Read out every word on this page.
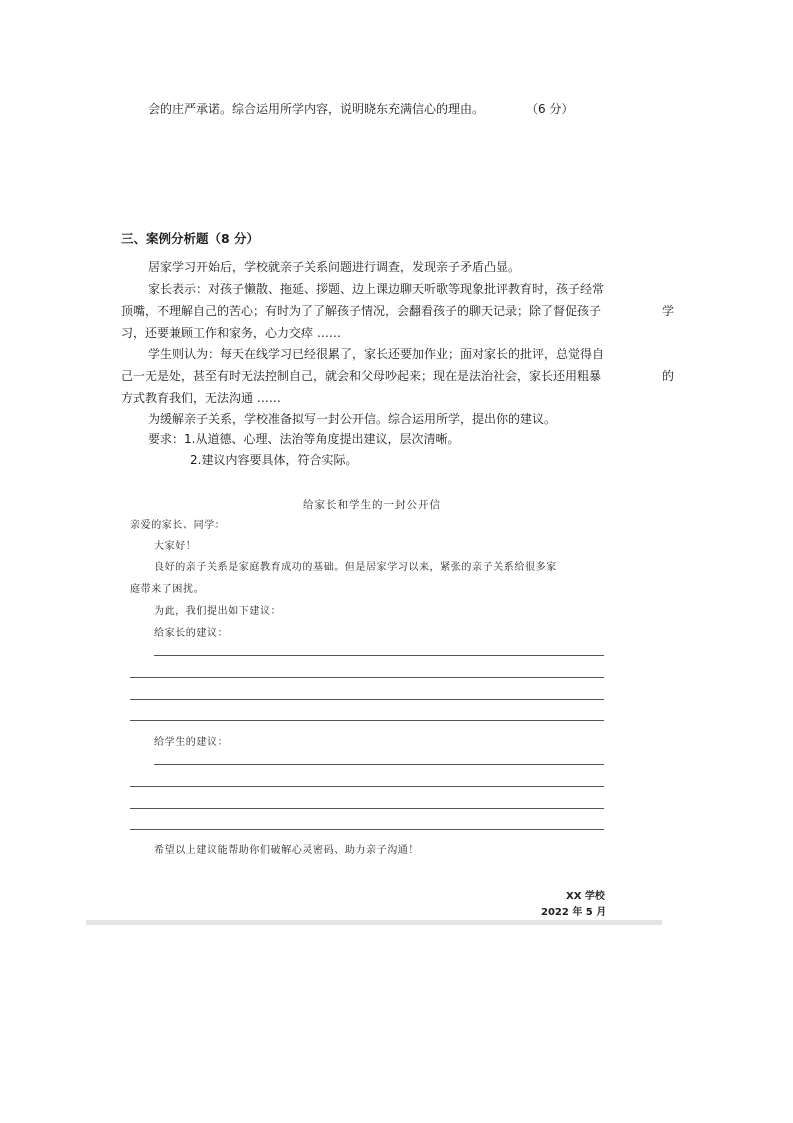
会的庄严承诺。综合运用所学内容，说明晓东充满信心的理由。	（6 分）
三、案例分析题（8 分）
居家学习开始后，学校就亲子关系问题进行调查，发现亲子矛盾凸显。
家长表示：对孩子懒散、拖延、拶题、边上课边聊天听歌等现象批评教育时，孩子经常
顶嘴，不理解自己的苦心；有时为了了解孩子情况，会翻看孩子的聊天记录；除了督促孩子	学
习，还要兼顾工作和家务，心力交瘁 ……
学生则认为：每天在线学习已经很累了，家长还要加作业；面对家长的批评，总觉得自
己一无是处，甚至有时无法控制自己，就会和父母吵起来；现在是法治社会，家长还用粗暴	的
方式教育我们，无法沟通 ……
为缓解亲子关系，学校准备拟写一封公开信。综合运用所学，提出你的建议。
要求：1.从道德、心理、法治等角度提出建议，层次清晰。
2.建议内容要具体，符合实际。
给家长和学生的一封公开信
亲爱的家长、同学：
大家好！
良好的亲子关系是家庭教育成功的基础。但是居家学习以来，紧张的亲子关系给很多家
庭带来了困扰。
为此，我们提出如下建议：
给家长的建议：
给学生的建议：
希望以上建议能帮助你们破解心灵密码、助力亲子沟通！
XX 学校
2022 年 5 月
